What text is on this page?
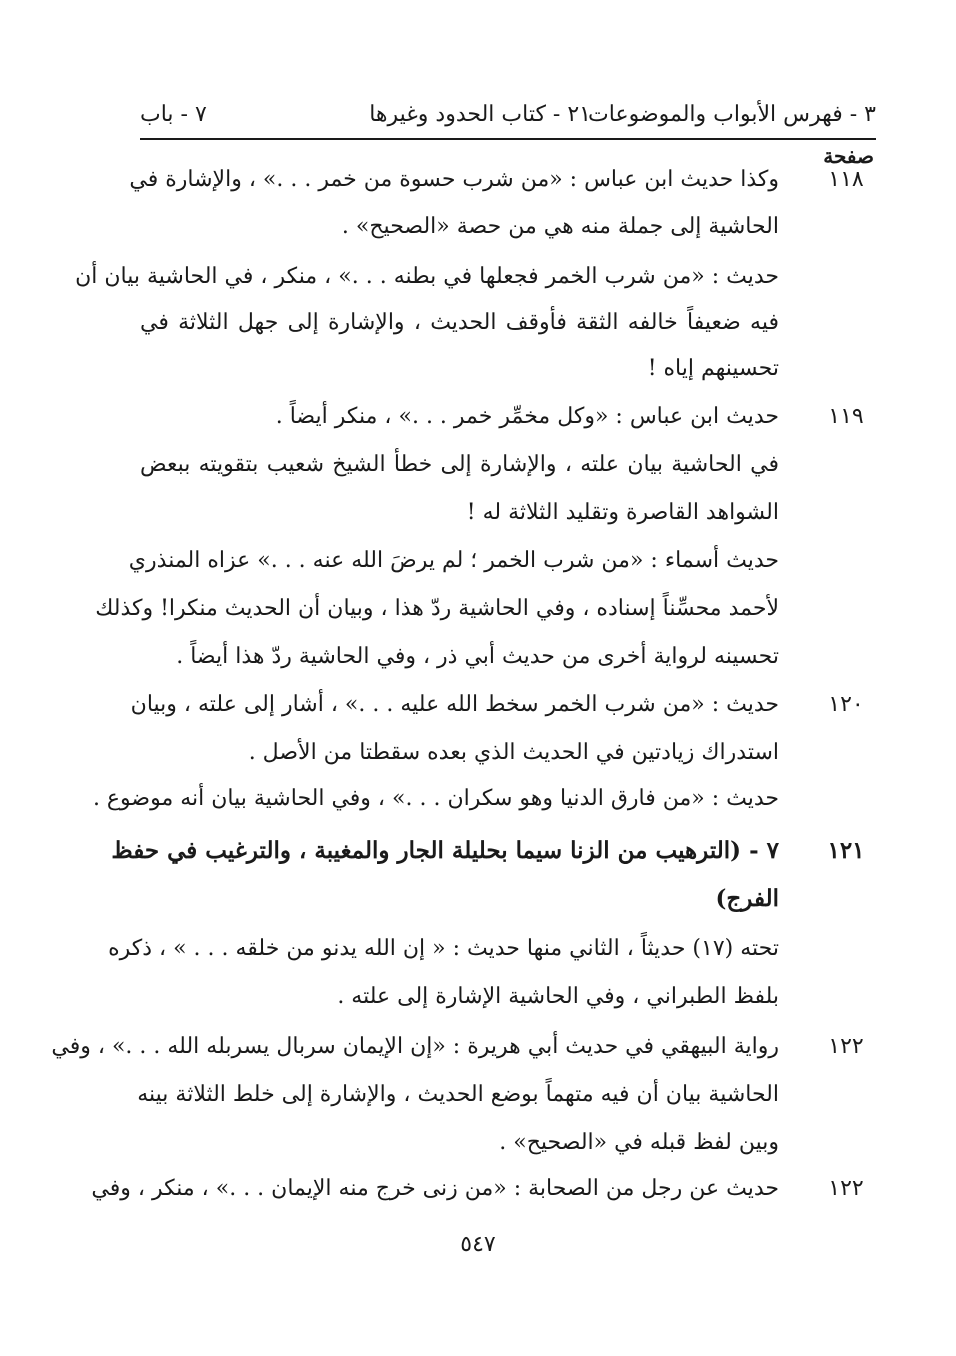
٣ - فهرس الأبواب والموضوعات
٢١ - كتاب الحدود وغيرها
٧ - باب
صفحة
١١٨
وكذا حديث ابن عباس : «من شرب حسوة من خمر . . .» ، والإشارة في
الحاشية إلى جملة منه هي من حصة «الصحيح» .
حديث : «من شرب الخمر فجعلها في بطنه . . .» ، منكر ، في الحاشية بيان أن
فيه ضعيفاً خالفه الثقة فأوقف الحديث ، والإشارة إلى جهل الثلاثة في
تحسينهم إياه !
١١٩
حديث ابن عباس : «وكل مخمِّر خمر . . .» ، منكر أيضاً .
في الحاشية بيان علته ، والإشارة إلى خطأ الشيخ شعيب بتقويته ببعض
الشواهد القاصرة وتقليد الثلاثة له !
حديث أسماء : «من شرب الخمر ؛ لم يرضَ الله عنه . . .» عزاه المنذري
لأحمد محسِّناً إسناده ، وفي الحاشية ردّ هذا ، وبيان أن الحديث منكرا! وكذلك
تحسينه لرواية أخرى من حديث أبي ذر ، وفي الحاشية ردّ هذا أيضاً .
١٢٠
حديث : «من شرب الخمر سخط الله عليه . . .» ، أشار إلى علته ، وبيان
استدراك زيادتين في الحديث الذي بعده سقطتا من الأصل .
حديث : «من فارق الدنيا وهو سكران . . .» ، وفي الحاشية بيان أنه موضوع .
١٢١
٧ - (الترهيب من الزنا سيما بحليلة الجار والمغيبة ، والترغيب في حفظ
الفرج)
تحته (١٧) حديثاً ، الثاني منها حديث : « إن الله يدنو من خلقه . . . » ، ذكره
بلفظ الطبراني ، وفي الحاشية الإشارة إلى علته .
١٢٢
رواية البيهقي في حديث أبي هريرة : «إن الإيمان سربال يسربله الله . . .» ، وفي
الحاشية بيان أن فيه متهماً بوضع الحديث ، والإشارة إلى خلط الثلاثة بينه
وبين لفظ قبله في «الصحيح» .
١٢٢
حديث عن رجل من الصحابة : «من زنى خرج منه الإيمان . . .» ، منكر ، وفي
٥٤٧
